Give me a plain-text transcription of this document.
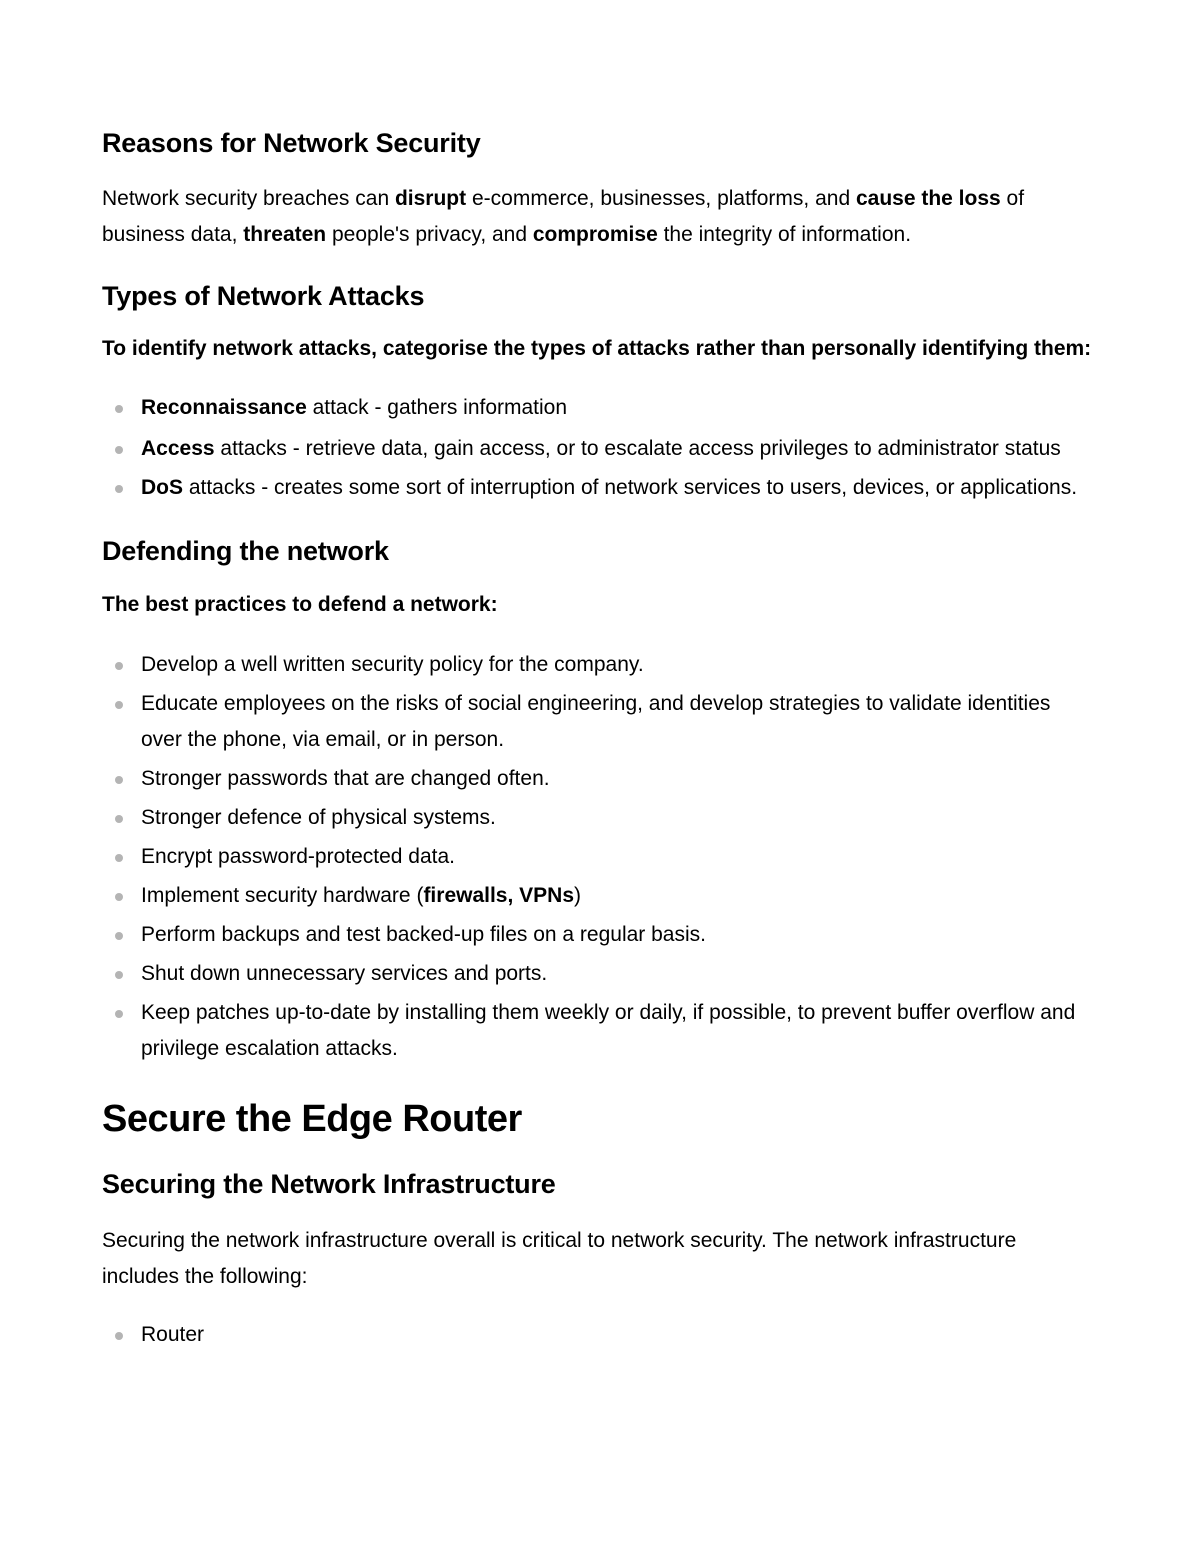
Reasons for Network Security

Network security breaches can disrupt e-commerce, businesses, platforms, and cause the loss of business data, threaten people's privacy, and compromise the integrity of information.

Types of Network Attacks

To identify network attacks, categorise the types of attacks rather than personally identifying them:

Reconnaissance attack - gathers information
Access attacks - retrieve data, gain access, or to escalate access privileges to administrator status
DoS attacks - creates some sort of interruption of network services to users, devices, or applications.
Defending the network

The best practices to defend a network:

Develop a well written security policy for the company.
Educate employees on the risks of social engineering, and develop strategies to validate identities over the phone, via email, or in person.
Stronger passwords that are changed often.
Stronger defence of physical systems.
Encrypt password-protected data.
Implement security hardware (firewalls, VPNs)
Perform backups and test backed-up files on a regular basis.
Shut down unnecessary services and ports.
Keep patches up-to-date by installing them weekly or daily, if possible, to prevent buffer overflow and privilege escalation attacks.
Secure the Edge Router
Securing the Network Infrastructure

Securing the network infrastructure overall is critical to network security. The network infrastructure includes the following:

Router
